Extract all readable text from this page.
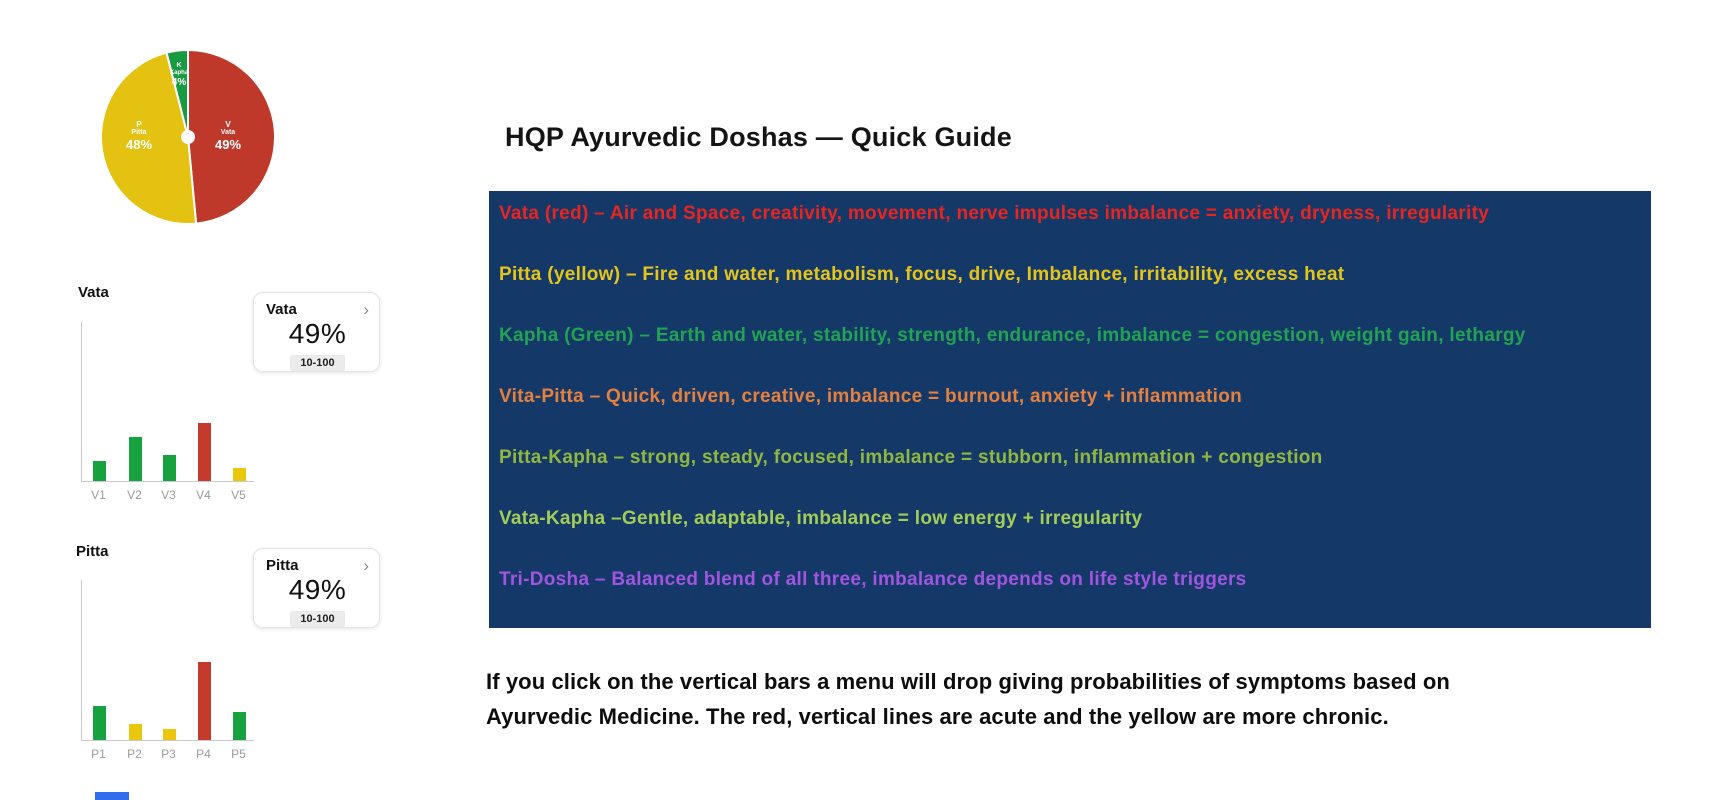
V
Vata
49%
P
Pitta
48%
K
Kapha
4%
Vata
V1 V2 V3 V4 V5
Vata	›
49%
10-100
Pitta
P1 P2 P3 P4 P5
Pitta	›
49%
10-100
HQP Ayurvedic Doshas — Quick Guide
Vata (red) – Air and Space, creativity, movement, nerve impulses imbalance = anxiety, dryness, irregularity
Pitta (yellow) – Fire and water, metabolism, focus, drive, Imbalance, irritability, excess heat
Kapha (Green) – Earth and water, stability, strength, endurance, imbalance = congestion, weight gain, lethargy
Vita-Pitta – Quick, driven, creative, imbalance = burnout, anxiety + inflammation
Pitta-Kapha – strong, steady, focused, imbalance = stubborn, inflammation + congestion
Vata-Kapha –Gentle, adaptable, imbalance = low energy + irregularity
Tri-Dosha – Balanced blend of all three, imbalance depends on life style triggers
If you click on the vertical bars a menu will drop giving probabilities of symptoms based on
Ayurvedic Medicine. The red, vertical lines are acute and the yellow are more chronic.
